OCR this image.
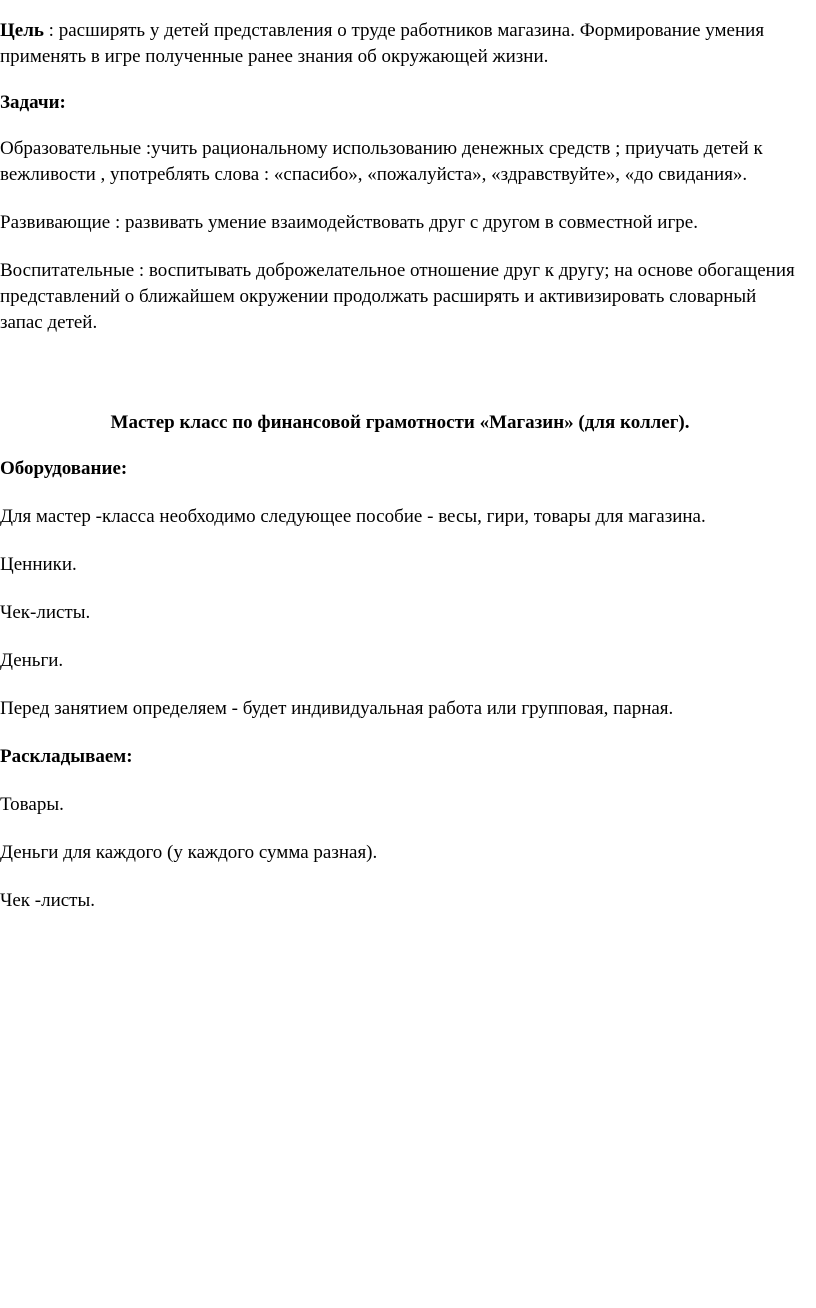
Цель : расширять у детей представления о труде работников магазина. Формирование умения применять в игре полученные ранее знания об окружающей жизни.

Задачи:

Образовательные :учить рациональному использованию денежных средств ; приучать детей к вежливости , употреблять слова : «спасибо», «пожалуйста», «здравствуйте», «до свидания».

Развивающие : развивать умение взаимодействовать друг с другом в совместной игре.

Воспитательные : воспитывать доброжелательное отношение друг к другу; на основе обогащения представлений о ближайшем окружении продолжать расширять и активизировать словарный запас детей.

Мастер класс по финансовой грамотности «Магазин» (для коллег).

Оборудование:

Для мастер -класса необходимо следующее пособие - весы, гири, товары для магазина.

Ценники.

Чек-листы.

Деньги.

Перед занятием определяем - будет индивидуальная работа или групповая, парная.

Раскладываем:

Товары.

Деньги для каждого (у каждого сумма разная).

Чек -листы.
